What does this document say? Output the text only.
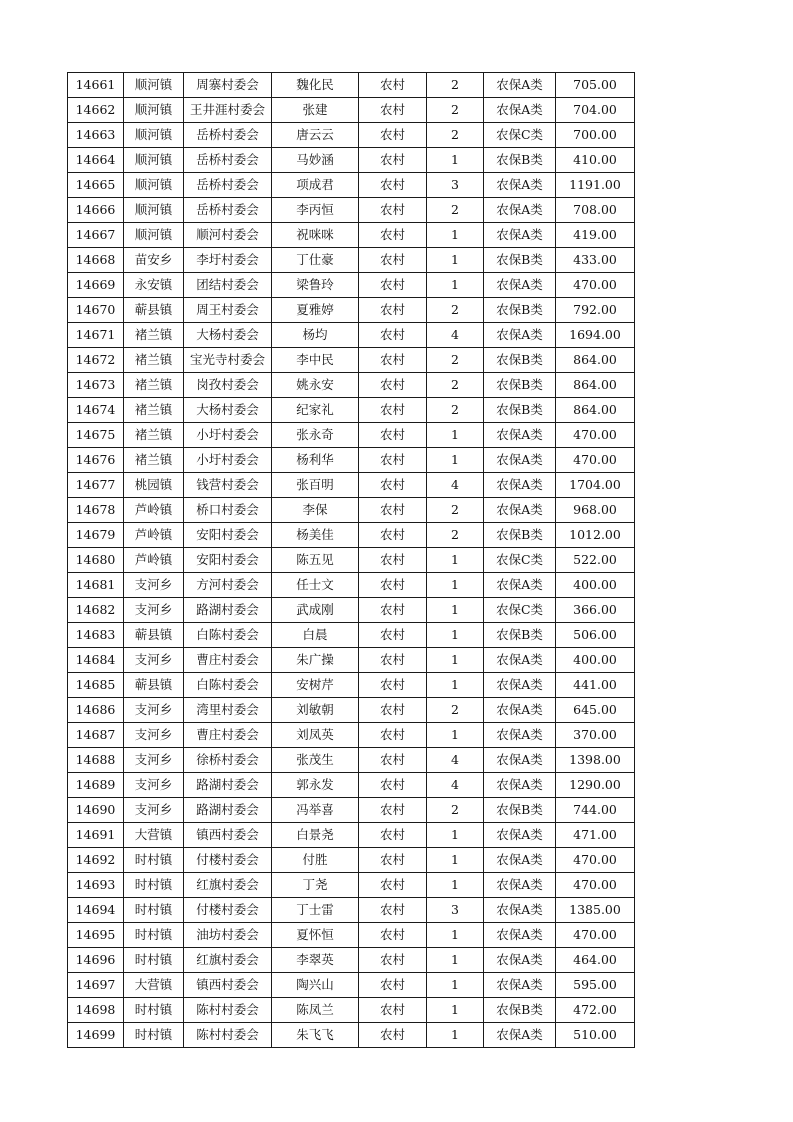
14661	顺河镇	周寨村委会	魏化民	农村	2	农保A类	705.00
14662	顺河镇	王井涯村委会	张建	农村	2	农保A类	704.00
14663	顺河镇	岳桥村委会	唐云云	农村	2	农保C类	700.00
14664	顺河镇	岳桥村委会	马妙涵	农村	1	农保B类	410.00
14665	顺河镇	岳桥村委会	项成君	农村	3	农保A类	1191.00
14666	顺河镇	岳桥村委会	李丙恒	农村	2	农保A类	708.00
14667	顺河镇	顺河村委会	祝咪咪	农村	1	农保A类	419.00
14668	苗安乡	李圩村委会	丁仕豪	农村	1	农保B类	433.00
14669	永安镇	团结村委会	梁鲁玲	农村	1	农保A类	470.00
14670	蕲县镇	周王村委会	夏雅婷	农村	2	农保B类	792.00
14671	褚兰镇	大杨村委会	杨均	农村	4	农保A类	1694.00
14672	褚兰镇	宝光寺村委会	李中民	农村	2	农保B类	864.00
14673	褚兰镇	岗孜村委会	姚永安	农村	2	农保B类	864.00
14674	褚兰镇	大杨村委会	纪家礼	农村	2	农保B类	864.00
14675	褚兰镇	小圩村委会	张永奇	农村	1	农保A类	470.00
14676	褚兰镇	小圩村委会	杨利华	农村	1	农保A类	470.00
14677	桃园镇	钱营村委会	张百明	农村	4	农保A类	1704.00
14678	芦岭镇	桥口村委会	李保	农村	2	农保A类	968.00
14679	芦岭镇	安阳村委会	杨美佳	农村	2	农保B类	1012.00
14680	芦岭镇	安阳村委会	陈五见	农村	1	农保C类	522.00
14681	支河乡	方河村委会	任士文	农村	1	农保A类	400.00
14682	支河乡	路湖村委会	武成刚	农村	1	农保C类	366.00
14683	蕲县镇	白陈村委会	白晨	农村	1	农保B类	506.00
14684	支河乡	曹庄村委会	朱广操	农村	1	农保A类	400.00
14685	蕲县镇	白陈村委会	安树芹	农村	1	农保A类	441.00
14686	支河乡	湾里村委会	刘敏朝	农村	2	农保A类	645.00
14687	支河乡	曹庄村委会	刘凤英	农村	1	农保A类	370.00
14688	支河乡	徐桥村委会	张茂生	农村	4	农保A类	1398.00
14689	支河乡	路湖村委会	郭永发	农村	4	农保A类	1290.00
14690	支河乡	路湖村委会	冯举喜	农村	2	农保B类	744.00
14691	大营镇	镇西村委会	白景尧	农村	1	农保A类	471.00
14692	时村镇	付楼村委会	付胜	农村	1	农保A类	470.00
14693	时村镇	红旗村委会	丁尧	农村	1	农保A类	470.00
14694	时村镇	付楼村委会	丁士雷	农村	3	农保A类	1385.00
14695	时村镇	油坊村委会	夏怀恒	农村	1	农保A类	470.00
14696	时村镇	红旗村委会	李翠英	农村	1	农保A类	464.00
14697	大营镇	镇西村委会	陶兴山	农村	1	农保A类	595.00
14698	时村镇	陈村村委会	陈凤兰	农村	1	农保B类	472.00
14699	时村镇	陈村村委会	朱飞飞	农村	1	农保A类	510.00
